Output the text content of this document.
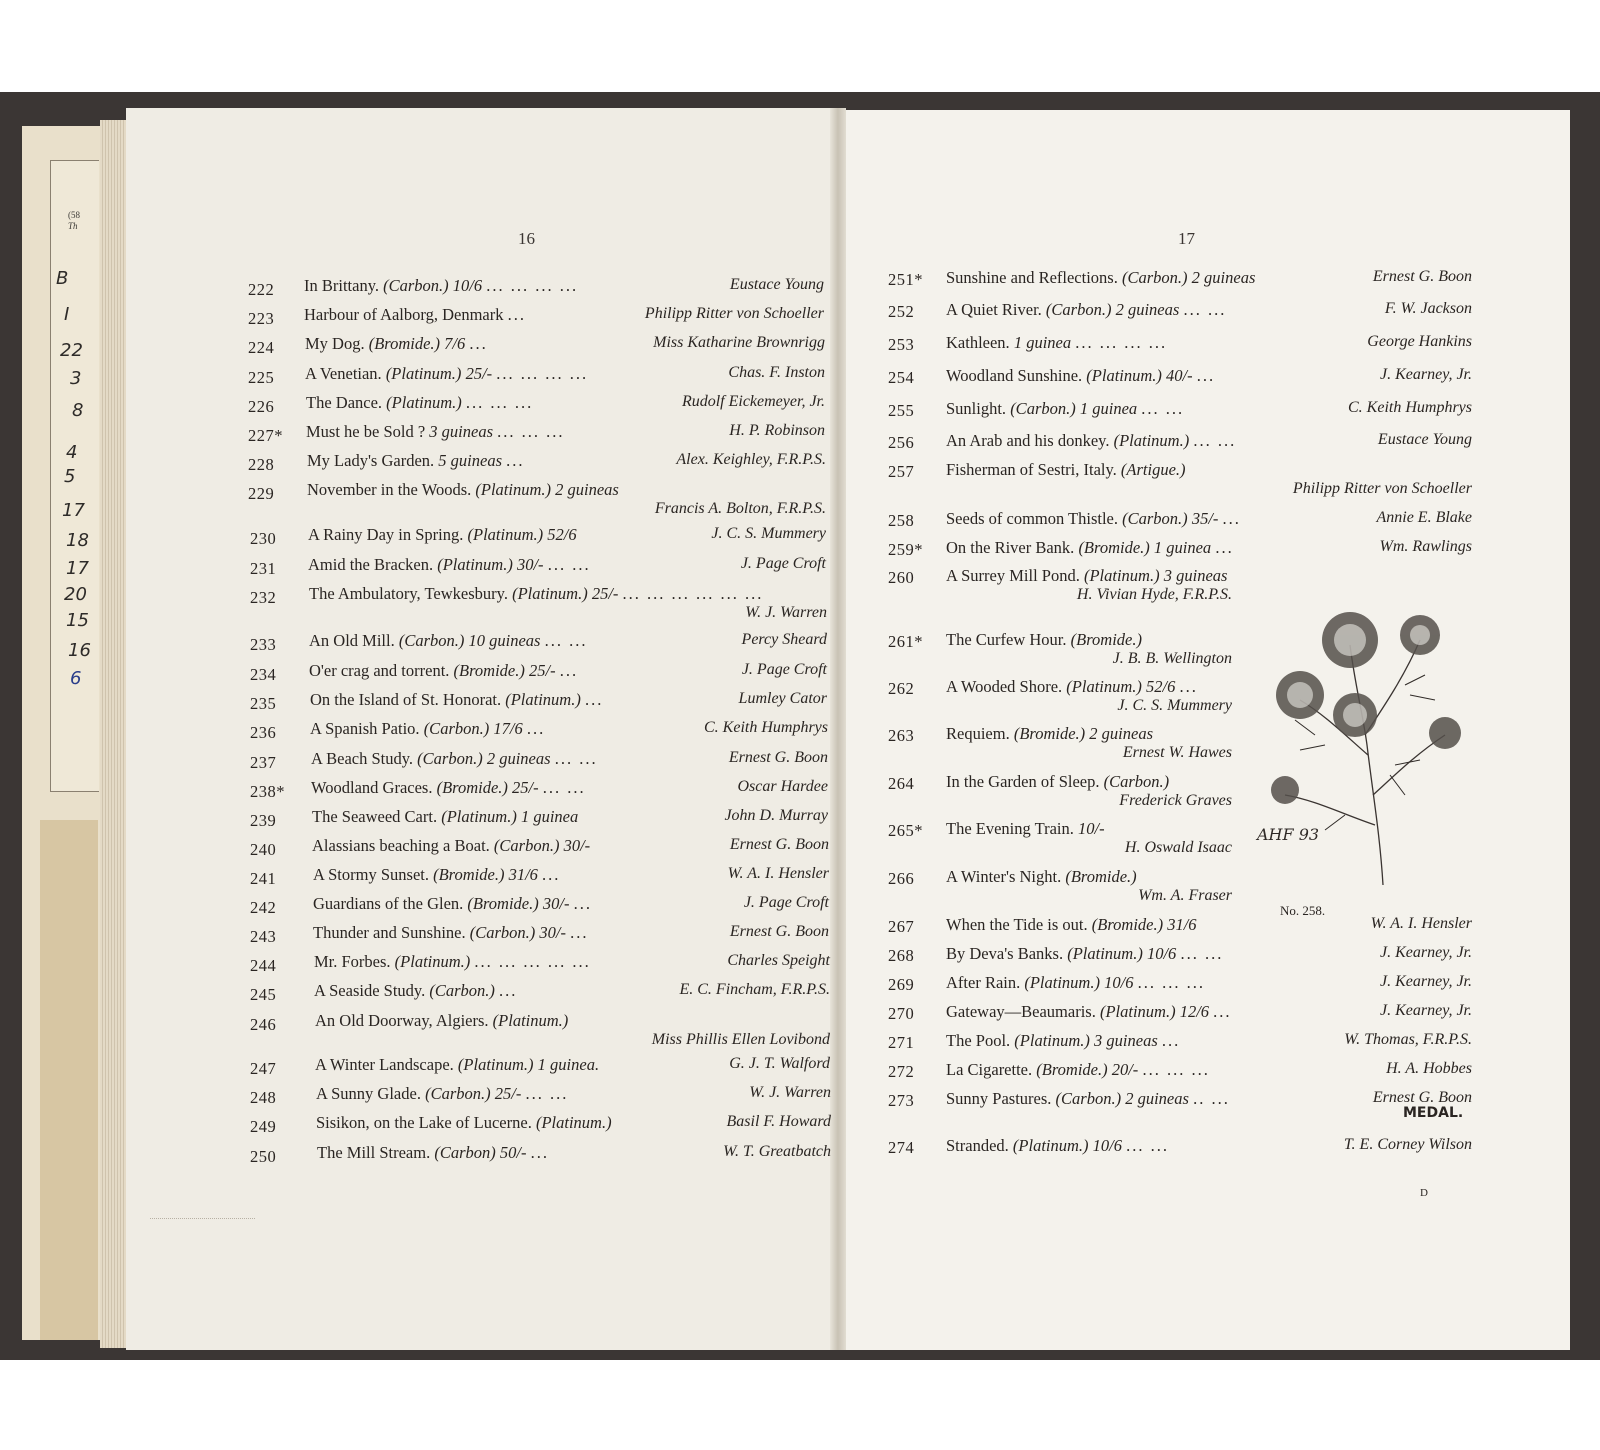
(58
Th
B
I
22
3
8
4
5
17
18
17
20
15
16
6
16	17
222	In Brittany. (Carbon.) 10/6 ... ... ... ...	Eustace Young
223	Harbour of Aalborg, Denmark ...	Philipp Ritter von Schoeller
224	My Dog. (Bromide.) 7/6 ...	Miss Katharine Brownrigg
225	A Venetian. (Platinum.) 25/- ... ... ... ...	Chas. F. Inston
226	The Dance. (Platinum.) ... ... ...	Rudolf Eickemeyer, Jr.
227*	Must he be Sold ? 3 guineas ... ... ...	H. P. Robinson
228	My Lady's Garden. 5 guineas ...	Alex. Keighley, F.R.P.S.
229	November in the Woods. (Platinum.) 2 guineas
Francis A. Bolton, F.R.P.S.
230	A Rainy Day in Spring. (Platinum.) 52/6	J. C. S. Mummery
231	Amid the Bracken. (Platinum.) 30/- ... ...	J. Page Croft
232	The Ambulatory, Tewkesbury. (Platinum.) 25/- ... ... ... ... ... ...
W. J. Warren
233	An Old Mill. (Carbon.) 10 guineas ... ...	Percy Sheard
234	O'er crag and torrent. (Bromide.) 25/- ...	J. Page Croft
235	On the Island of St. Honorat. (Platinum.) ...	Lumley Cator
236	A Spanish Patio. (Carbon.) 17/6 ...	C. Keith Humphrys
237	A Beach Study. (Carbon.) 2 guineas ... ...	Ernest G. Boon
238*	Woodland Graces. (Bromide.) 25/- ... ...	Oscar Hardee
239	The Seaweed Cart. (Platinum.) 1 guinea	John D. Murray
240	Alassians beaching a Boat. (Carbon.) 30/-	Ernest G. Boon
241	A Stormy Sunset. (Bromide.) 31/6 ...	W. A. I. Hensler
242	Guardians of the Glen. (Bromide.) 30/- ...	J. Page Croft
243	Thunder and Sunshine. (Carbon.) 30/- ...	Ernest G. Boon
244	Mr. Forbes. (Platinum.) ... ... ... ... ...	Charles Speight
245	A Seaside Study. (Carbon.) ...	E. C. Fincham, F.R.P.S.
246	An Old Doorway, Algiers. (Platinum.)
Miss Phillis Ellen Lovibond
247	A Winter Landscape. (Platinum.) 1 guinea.	G. J. T. Walford
248	A Sunny Glade. (Carbon.) 25/- ... ...	W. J. Warren
249	Sisikon, on the Lake of Lucerne. (Platinum.)	Basil F. Howard
250	The Mill Stream. (Carbon) 50/- ...	W. T. Greatbatch
251*	Sunshine and Reflections. (Carbon.) 2 guineas	Ernest G. Boon
252	A Quiet River. (Carbon.) 2 guineas ... ...	F. W. Jackson
253	Kathleen. 1 guinea ... ... ... ...	George Hankins
254	Woodland Sunshine. (Platinum.) 40/- ...	J. Kearney, Jr.
255	Sunlight. (Carbon.) 1 guinea ... ...	C. Keith Humphrys
256	An Arab and his donkey. (Platinum.) ... ...	Eustace Young
257	Fisherman of Sestri, Italy. (Artigue.)
Philipp Ritter von Schoeller
258	Seeds of common Thistle. (Carbon.) 35/- ...	Annie E. Blake
259*	On the River Bank. (Bromide.) 1 guinea ...	Wm. Rawlings
260	A Surrey Mill Pond. (Platinum.) 3 guineas
H. Vivian Hyde, F.R.P.S.
261*	The Curfew Hour. (Bromide.)
J. B. B. Wellington
262	A Wooded Shore. (Platinum.) 52/6 ...
J. C. S. Mummery
263	Requiem. (Bromide.) 2 guineas
Ernest W. Hawes
264	In the Garden of Sleep. (Carbon.)
Frederick Graves
265*	The Evening Train. 10/-
H. Oswald Isaac
266	A Winter's Night. (Bromide.)
Wm. A. Fraser
267	When the Tide is out. (Bromide.) 31/6	W. A. I. Hensler
268	By Deva's Banks. (Platinum.) 10/6 ... ...	J. Kearney, Jr.
269	After Rain. (Platinum.) 10/6 ... ... ...	J. Kearney, Jr.
270	Gateway—Beaumaris. (Platinum.) 12/6 ...	J. Kearney, Jr.
271	The Pool. (Platinum.) 3 guineas ...	W. Thomas, F.R.P.S.
272	La Cigarette. (Bromide.) 20/- ... ... ...	H. A. Hobbes
273	Sunny Pastures. (Carbon.) 2 guineas .. ...	Ernest G. Boon
274	Stranded. (Platinum.) 10/6 ... ...	T. E. Corney Wilson
AHF 93
No. 258.
MEDAL.
D
